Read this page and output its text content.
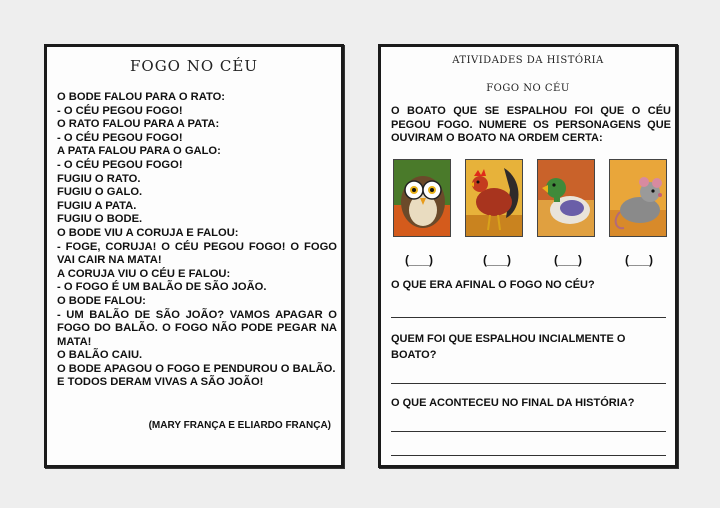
FOGO NO CÉU
O BODE FALOU PARA O RATO:
- O CÉU PEGOU FOGO!
O RATO FALOU PARA A PATA:
- O CÉU PEGOU FOGO!
A PATA FALOU PARA O GALO:
- O CÉU PEGOU FOGO!
FUGIU O RATO.
FUGIU O GALO.
FUGIU A PATA.
FUGIU O BODE.
O BODE VIU A CORUJA E FALOU:
- FOGE, CORUJA! O CÉU PEGOU FOGO! O FOGO VAI CAIR NA MATA!
A CORUJA VIU O CÉU E FALOU:
- O FOGO É UM BALÃO DE SÃO JOÃO.
O BODE FALOU:
- UM BALÃO DE SÃO JOÃO? VAMOS APAGAR O FOGO DO BALÃO. O FOGO NÃO PODE PEGAR NA MATA!
O BALÃO CAIU.
O BODE APAGOU O FOGO E PENDUROU O BALÃO.
E TODOS DERAM VIVAS A SÃO JOÃO!
(MARY FRANÇA E ELIARDO FRANÇA)
ATIVIDADES DA HISTÓRIA
FOGO NO CÉU
O BOATO QUE SE ESPALHOU FOI QUE O CÉU PEGOU FOGO. NUMERE OS PERSONAGENS QUE OUVIRAM O BOATO NA ORDEM CERTA:
(___)	(___)	(___)	(___)
O QUE ERA AFINAL O FOGO NO CÉU?
QUEM FOI QUE ESPALHOU INCIALMENTE O BOATO?
O QUE ACONTECEU NO FINAL DA HISTÓRIA?
